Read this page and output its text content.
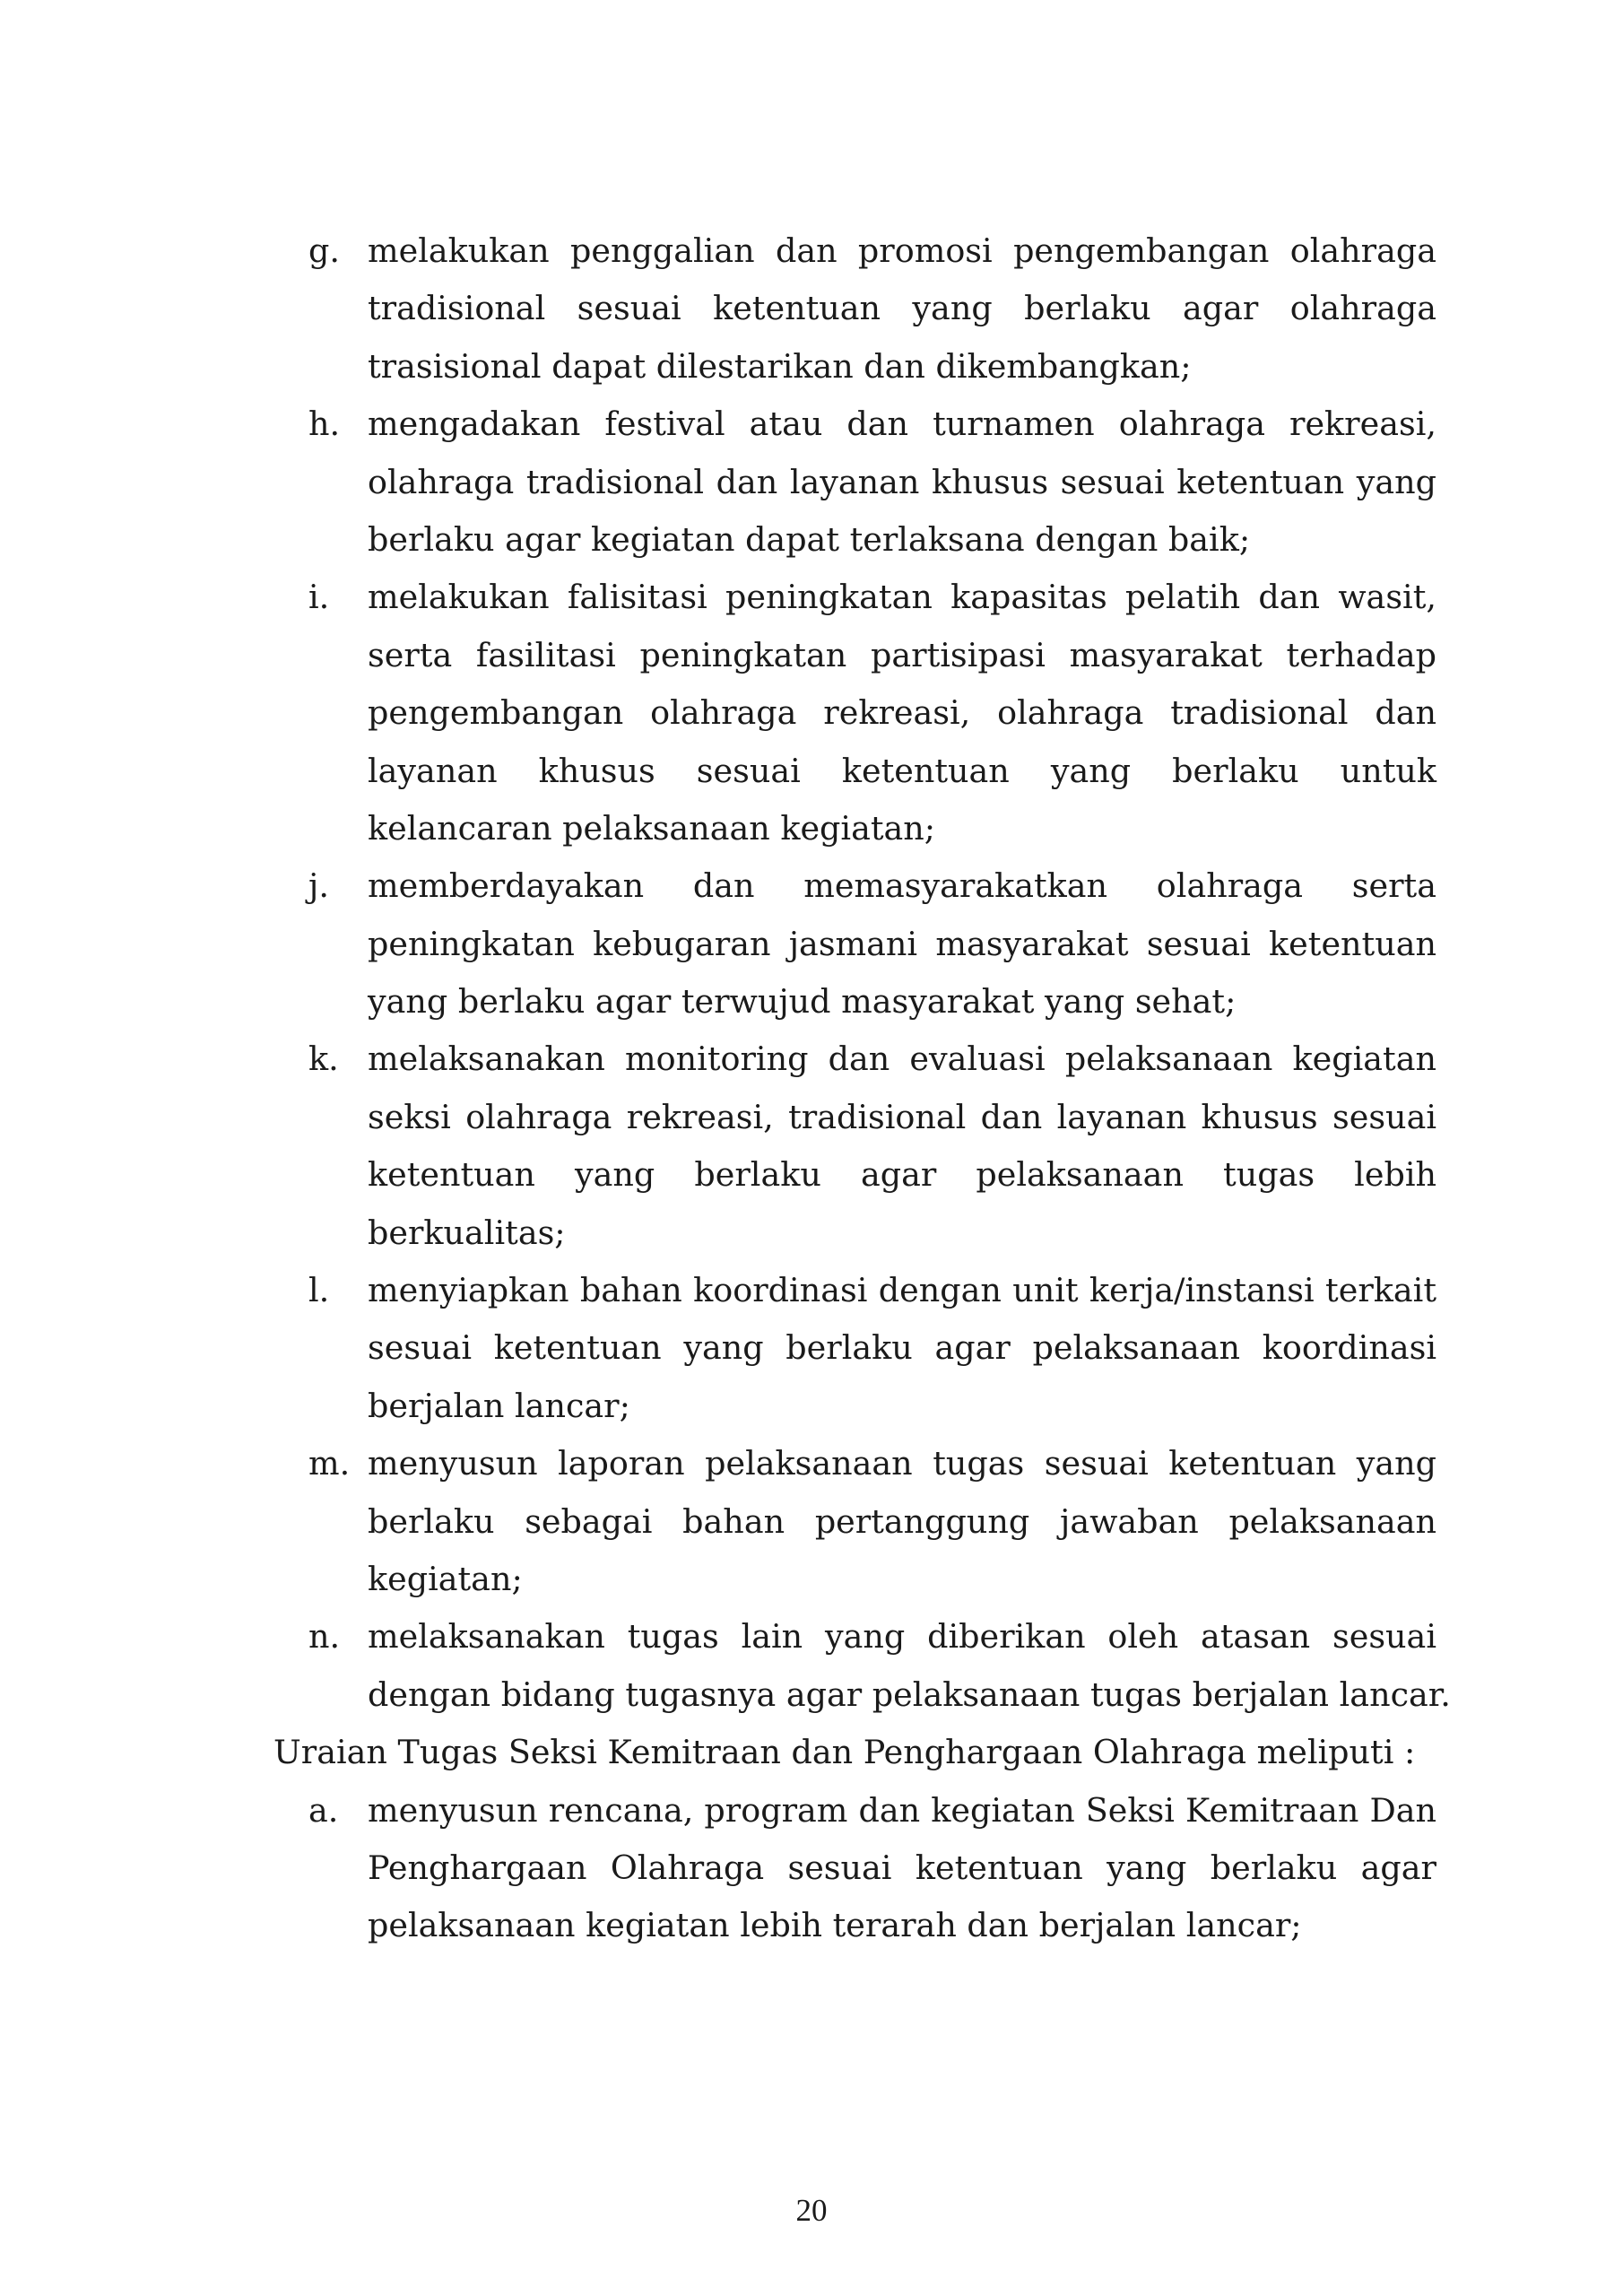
g. melakukan penggalian dan promosi pengembangan olahraga
tradisional sesuai ketentuan yang berlaku agar olahraga
trasisional dapat dilestarikan dan dikembangkan;
h. mengadakan festival atau dan turnamen olahraga rekreasi,
olahraga tradisional dan layanan khusus sesuai ketentuan yang
berlaku agar kegiatan dapat terlaksana dengan baik;
i. melakukan falisitasi peningkatan kapasitas pelatih dan wasit,
serta fasilitasi peningkatan partisipasi masyarakat terhadap
pengembangan olahraga rekreasi, olahraga tradisional dan
layanan khusus sesuai ketentuan yang berlaku untuk
kelancaran pelaksanaan kegiatan;
j. memberdayakan dan memasyarakatkan olahraga serta
peningkatan kebugaran jasmani masyarakat sesuai ketentuan
yang berlaku agar terwujud masyarakat yang sehat;
k. melaksanakan monitoring dan evaluasi pelaksanaan kegiatan
seksi olahraga rekreasi, tradisional dan layanan khusus sesuai
ketentuan yang berlaku agar pelaksanaan tugas lebih
berkualitas;
l. menyiapkan bahan koordinasi dengan unit kerja/instansi terkait
sesuai ketentuan yang berlaku agar pelaksanaan koordinasi
berjalan lancar;
m. menyusun laporan pelaksanaan tugas sesuai ketentuan yang
berlaku sebagai bahan pertanggung jawaban pelaksanaan
kegiatan;
n. melaksanakan tugas lain yang diberikan oleh atasan sesuai
dengan bidang tugasnya agar pelaksanaan tugas berjalan lancar.
Uraian Tugas Seksi Kemitraan dan Penghargaan Olahraga meliputi :
a. menyusun rencana, program dan kegiatan Seksi Kemitraan Dan
Penghargaan Olahraga sesuai ketentuan yang berlaku agar
pelaksanaan kegiatan lebih terarah dan berjalan lancar;
20
